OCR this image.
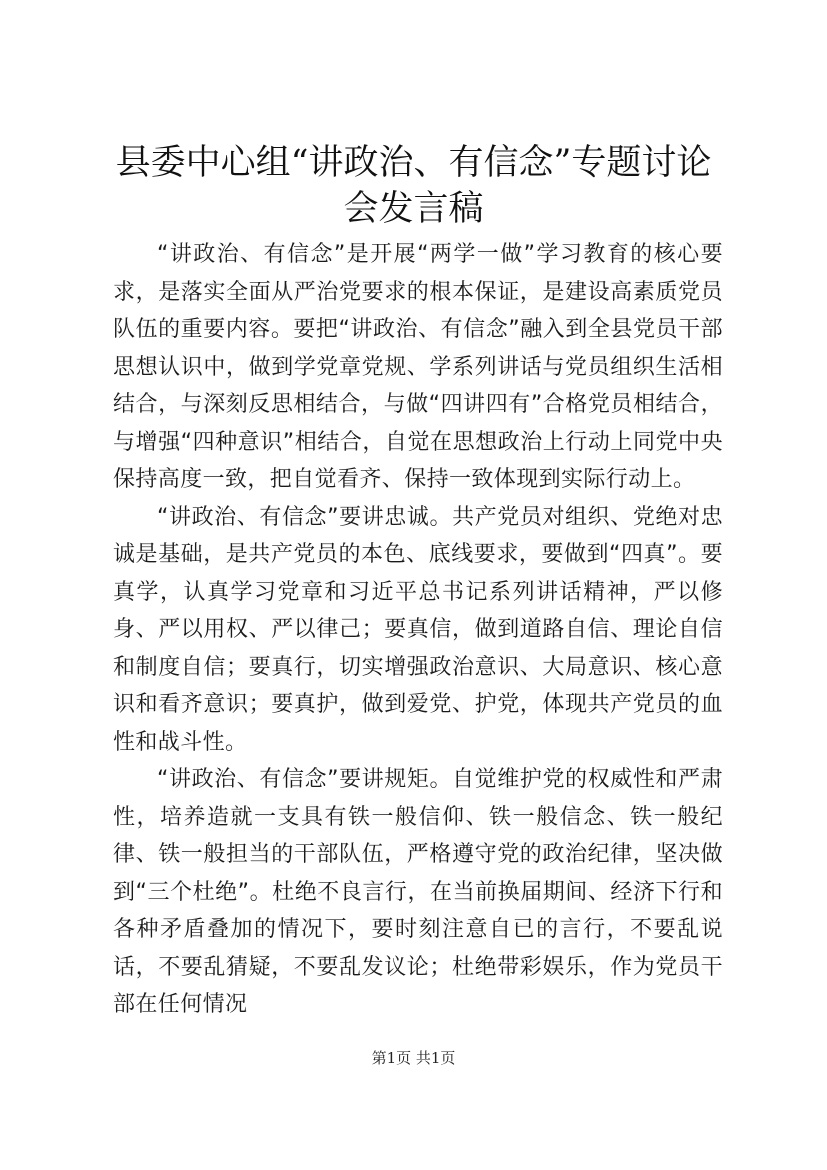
县委中心组“讲政治、有信念”专题讨论会发言稿

“讲政治、有信念”是开展“两学一做”学习教育的核心要求，是落实全面从严治党要求的根本保证，是建设高素质党员队伍的重要内容。要把“讲政治、有信念”融入到全县党员干部思想认识中，做到学党章党规、学系列讲话与党员组织生活相结合，与深刻反思相结合，与做“四讲四有”合格党员相结合，与增强“四种意识”相结合，自觉在思想政治上行动上同党中央保持高度一致，把自觉看齐、保持一致体现到实际行动上。

“讲政治、有信念”要讲忠诚。共产党员对组织、党绝对忠诚是基础，是共产党员的本色、底线要求，要做到“四真”。要真学，认真学习党章和习近平总书记系列讲话精神，严以修身、严以用权、严以律己；要真信，做到道路自信、理论自信和制度自信；要真行，切实增强政治意识、大局意识、核心意识和看齐意识；要真护，做到爱党、护党，体现共产党员的血性和战斗性。

“讲政治、有信念”要讲规矩。自觉维护党的权威性和严肃性，培养造就一支具有铁一般信仰、铁一般信念、铁一般纪律、铁一般担当的干部队伍，严格遵守党的政治纪律，坚决做到“三个杜绝”。杜绝不良言行，在当前换届期间、经济下行和各种矛盾叠加的情况下，要时刻注意自已的言行，不要乱说话，不要乱猜疑，不要乱发议论；杜绝带彩娱乐，作为党员干部在任何情况

第1页 共1页
